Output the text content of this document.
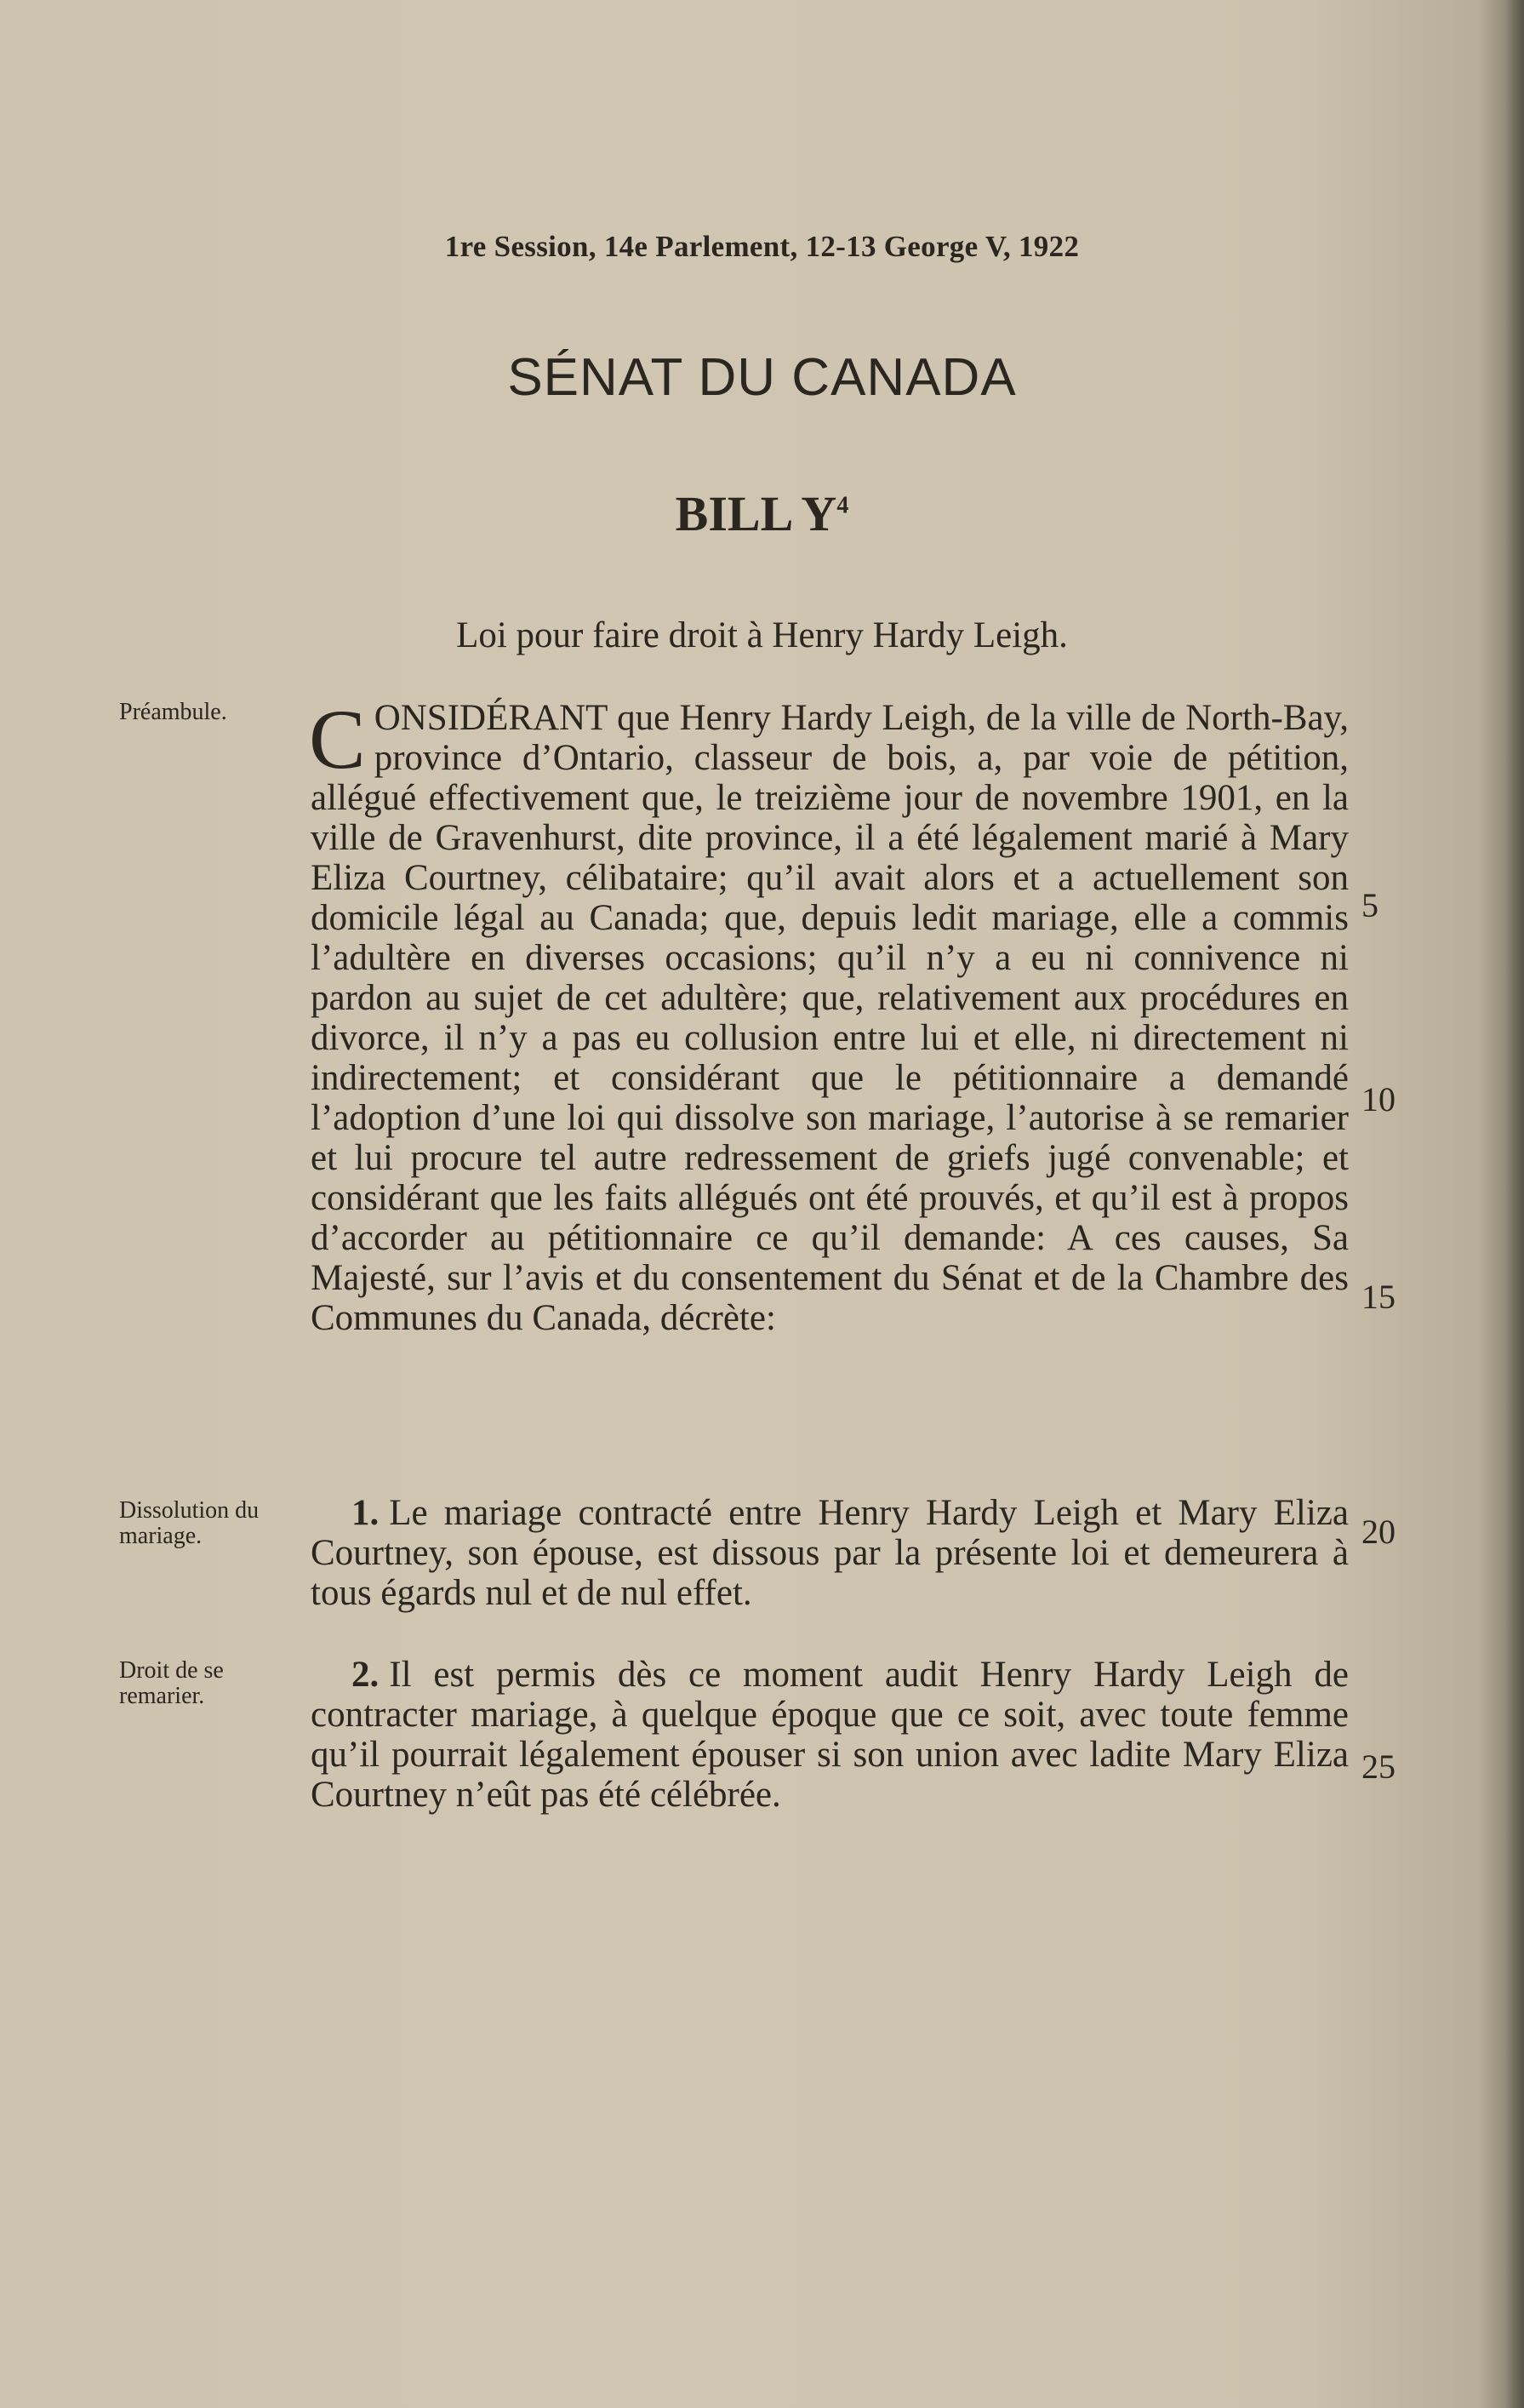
1re Session, 14e Parlement, 12-13 George V, 1922
SÉNAT DU CANADA
BILL $Y^4$
Loi pour faire droit à Henry Hardy Leigh.
Préambule. CONSIDÉRANT que Henry Hardy Leigh, de la ville de North-Bay, province d’Ontario, classeur de bois, a, par voie de pétition, allégué effectivement que, le treizième jour de novembre 1901, en la ville de Gravenhurst, dite province, il a été légalement marié à Mary Eliza Courtney, célibataire; qu’il avait alors et a actuellement son domicile légal au Canada; que, depuis ledit mariage, elle a commis l’adultère en diverses occasions; qu’il n’y a eu ni connivence ni pardon au sujet de cet adultère; que, relativement aux procédures en divorce, il n’y a pas eu collusion entre lui et elle, ni directement ni indirectement; et considérant que le pétitionnaire a demandé l’adoption d’une loi qui dissolve son mariage, l’autorise à se remarier et lui procure tel autre redressement de griefs jugé convenable; et considérant que les faits allégués ont été prouvés, et qu’il est à propos d’accorder au pétitionnaire ce qu’il demande: A ces causes, Sa Majesté, sur l’avis et du consentement du Sénat et de la Chambre des Communes du Canada, décrète:
Dissolution du mariage.
1. Le mariage contracté entre Henry Hardy Leigh et Mary Eliza Courtney, son épouse, est dissous par la présente loi et demeurera à tous égards nul et de nul effet.
Droit de se remarier.
2. Il est permis dès ce moment audit Henry Hardy Leigh de contracter mariage, à quelque époque que ce soit, avec toute femme qu’il pourrait légalement épouser si son union avec ladite Mary Eliza Courtney n’eût pas été célébrée.
5
10
15
20
25
